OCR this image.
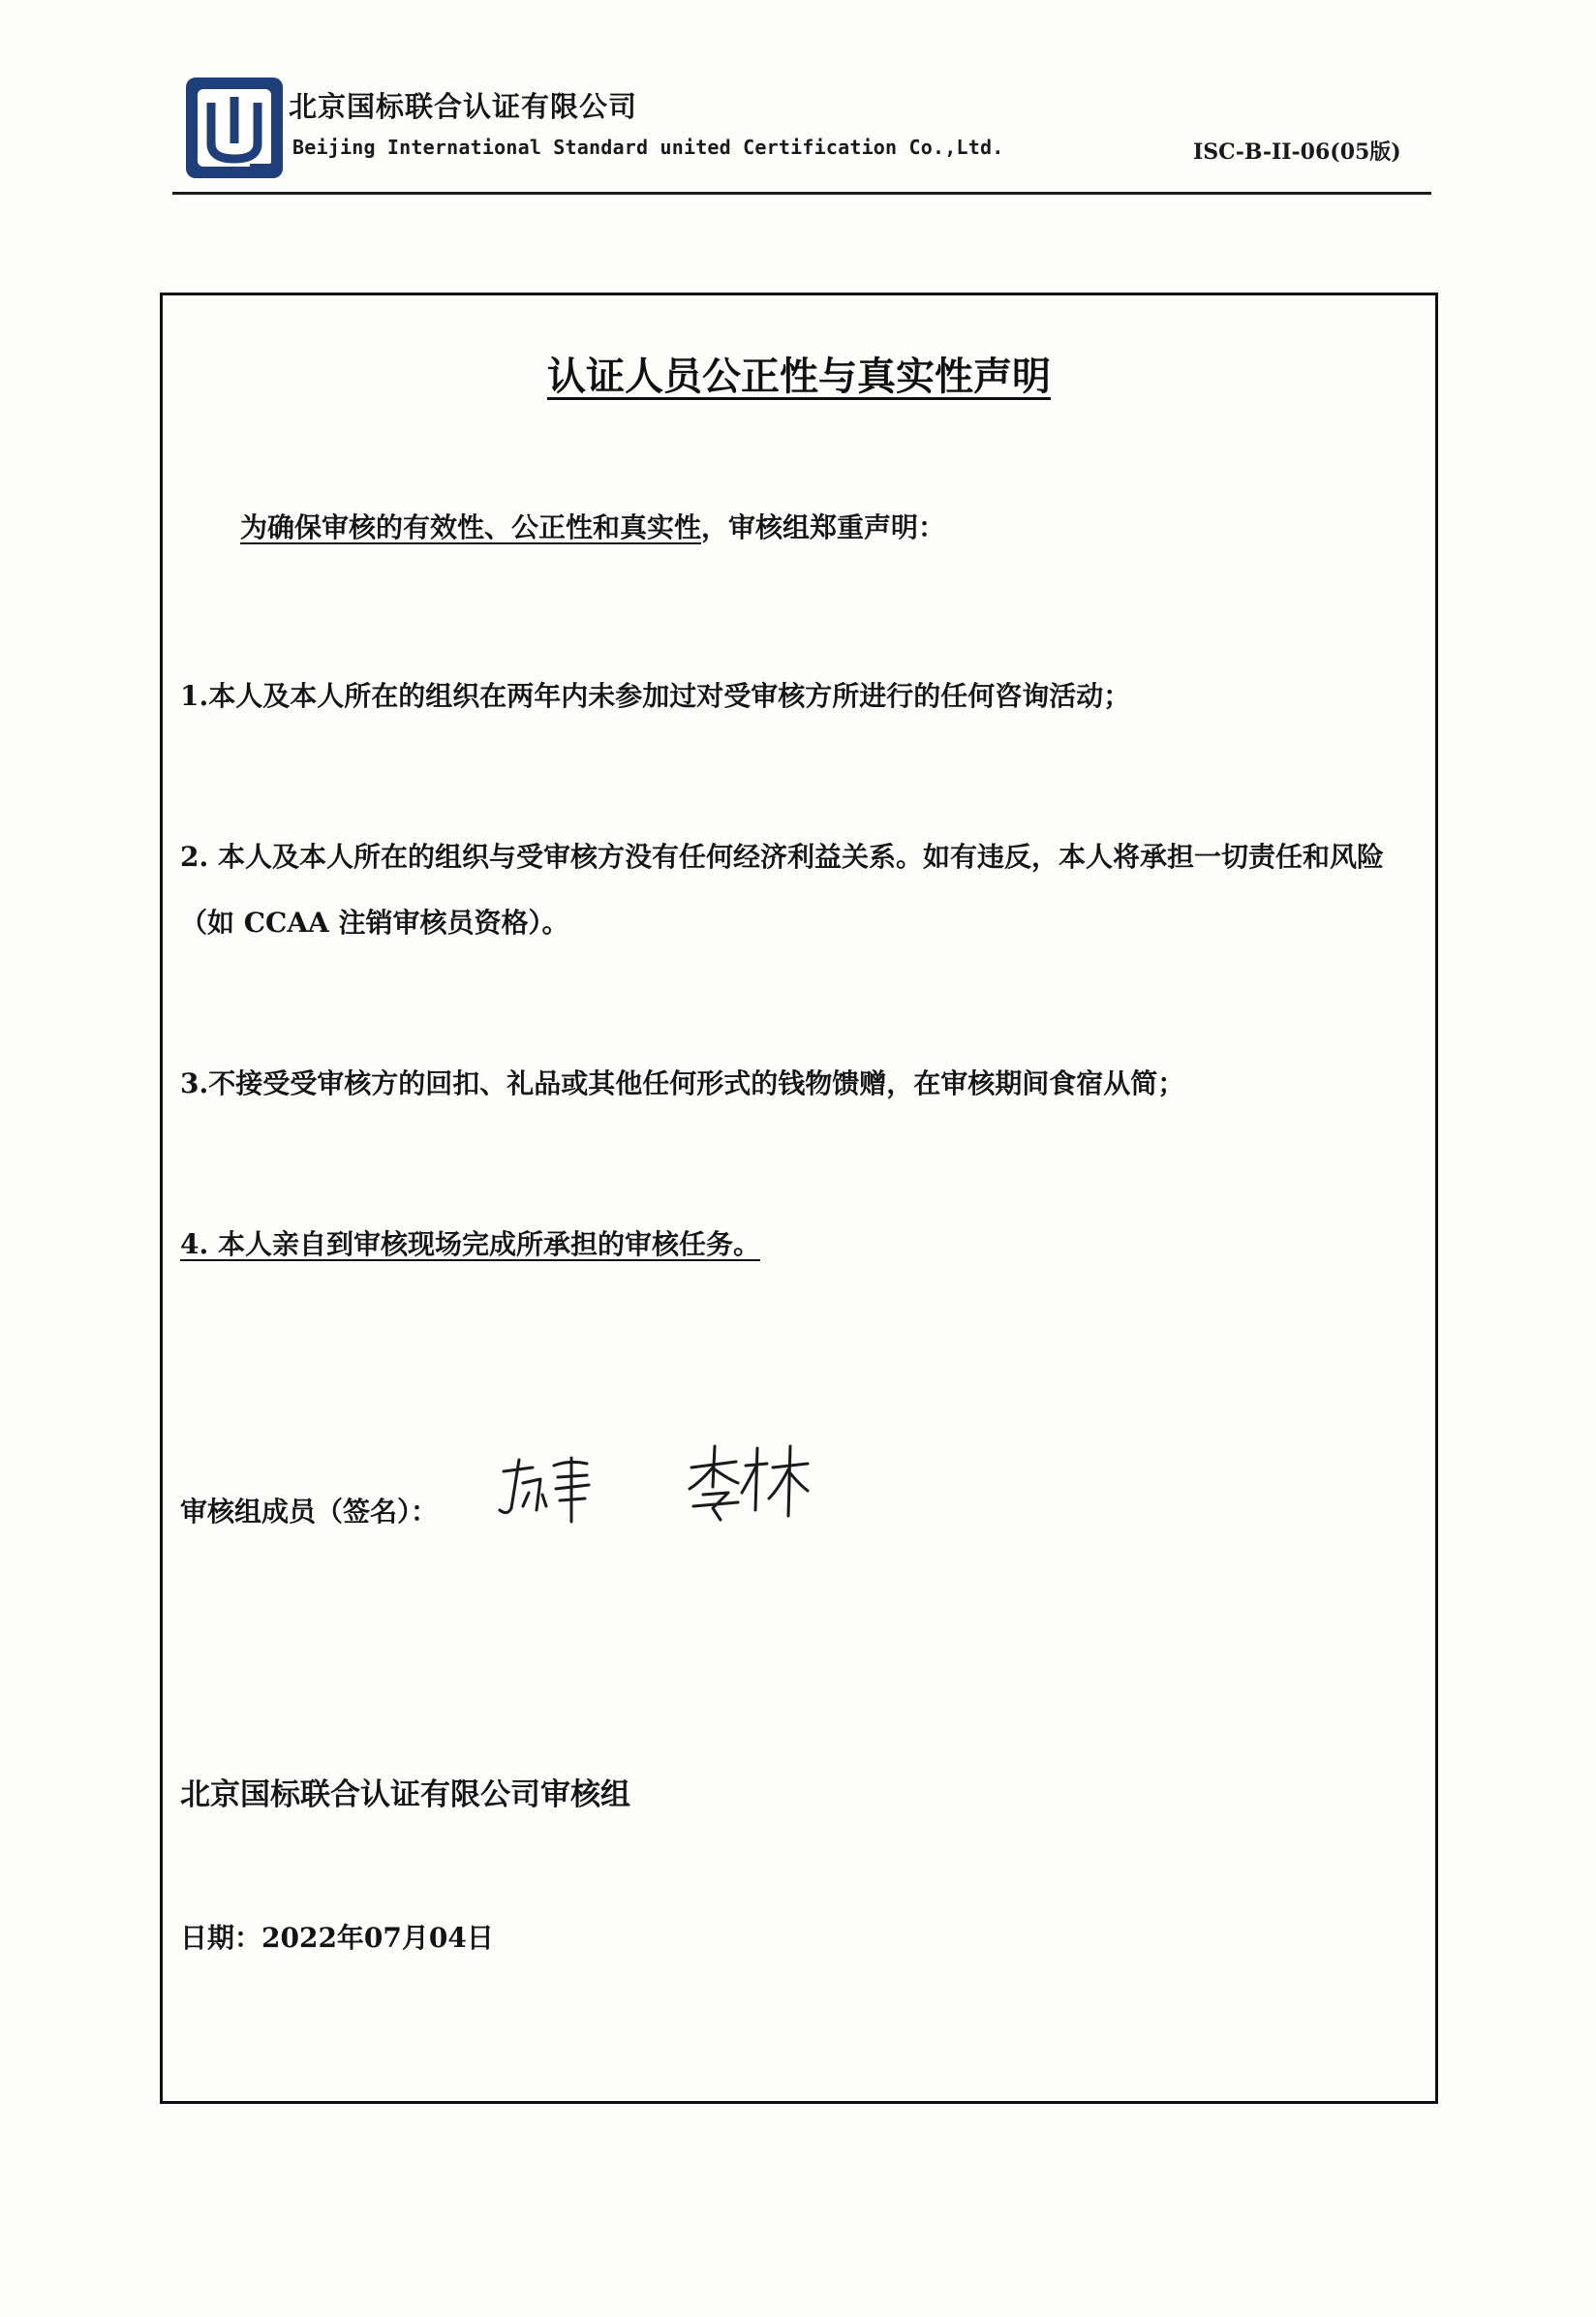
北京国标联合认证有限公司
Beijing International Standard united Certification Co.,Ltd.	ISC-B-II-06(05版)
认证人员公正性与真实性声明
为确保审核的有效性、公正性和真实性，审核组郑重声明：
1.本人及本人所在的组织在两年内未参加过对受审核方所进行的任何咨询活动；
2. 本人及本人所在的组织与受审核方没有任何经济利益关系。如有违反，本人将承担一切责任和风险（如 CCAA 注销审核员资格）。
3.不接受受审核方的回扣、礼品或其他任何形式的钱物馈赠，在审核期间食宿从简；
4. 本人亲自到审核现场完成所承担的审核任务。
审核组成员（签名）：
北京国标联合认证有限公司审核组
日期：2022年07月04日
